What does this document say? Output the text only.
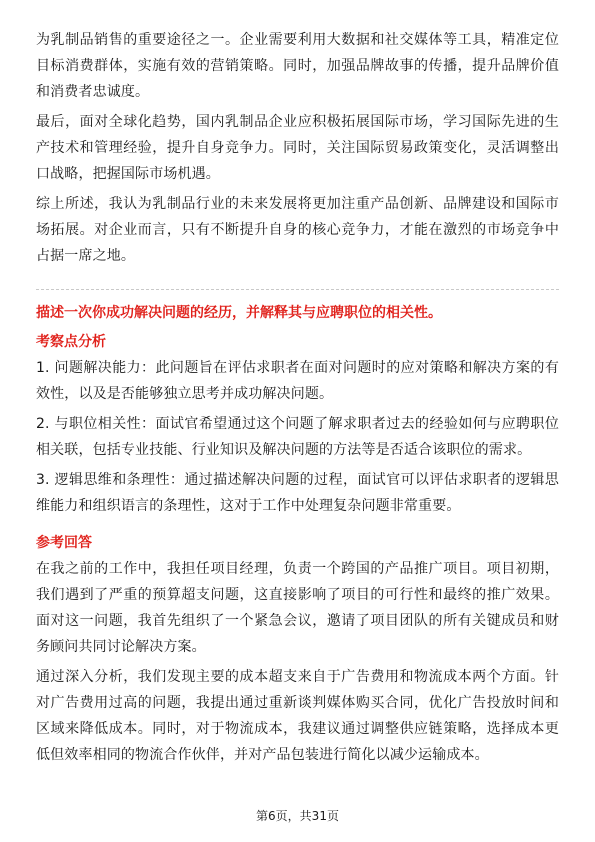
为乳制品销售的重要途径之一。企业需要利用大数据和社交媒体等工具，精准定位目标消费群体，实施有效的营销策略。同时，加强品牌故事的传播，提升品牌价值和消费者忠诚度。

最后，面对全球化趋势，国内乳制品企业应积极拓展国际市场，学习国际先进的生产技术和管理经验，提升自身竞争力。同时，关注国际贸易政策变化，灵活调整出口战略，把握国际市场机遇。

综上所述，我认为乳制品行业的未来发展将更加注重产品创新、品牌建设和国际市场拓展。对企业而言，只有不断提升自身的核心竞争力，才能在激烈的市场竞争中占据一席之地。

描述一次你成功解决问题的经历，并解释其与应聘职位的相关性。

考察点分析

1. 问题解决能力：此问题旨在评估求职者在面对问题时的应对策略和解决方案的有效性，以及是否能够独立思考并成功解决问题。

2. 与职位相关性：面试官希望通过这个问题了解求职者过去的经验如何与应聘职位相关联，包括专业技能、行业知识及解决问题的方法等是否适合该职位的需求。

3. 逻辑思维和条理性：通过描述解决问题的过程，面试官可以评估求职者的逻辑思维能力和组织语言的条理性，这对于工作中处理复杂问题非常重要。

参考回答

在我之前的工作中，我担任项目经理，负责一个跨国的产品推广项目。项目初期，我们遇到了严重的预算超支问题，这直接影响了项目的可行性和最终的推广效果。面对这一问题，我首先组织了一个紧急会议，邀请了项目团队的所有关键成员和财务顾问共同讨论解决方案。

通过深入分析，我们发现主要的成本超支来自于广告费用和物流成本两个方面。针对广告费用过高的问题，我提出通过重新谈判媒体购买合同，优化广告投放时间和区域来降低成本。同时，对于物流成本，我建议通过调整供应链策略，选择成本更低但效率相同的物流合作伙伴，并对产品包装进行简化以减少运输成本。

第6页，共31页
